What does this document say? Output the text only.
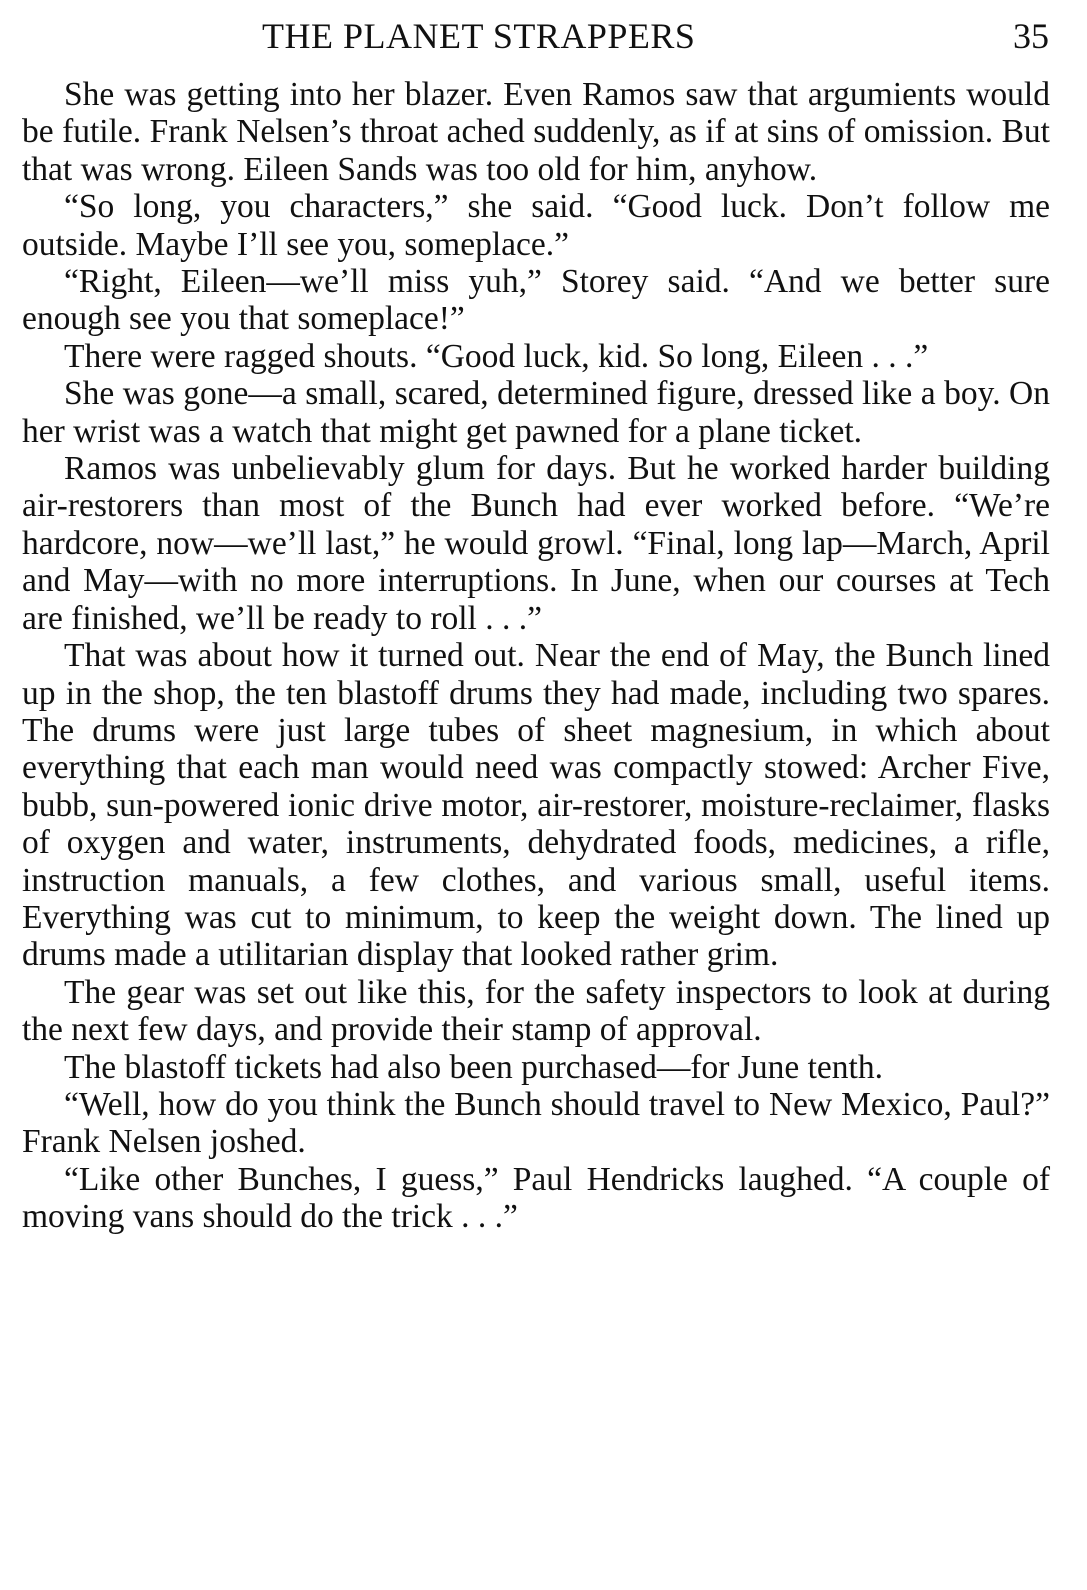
THE PLANET STRAPPERS	35

She was getting into her blazer. Even Ramos saw that argumients would be futile. Frank Nelsen’s throat ached suddenly, as if at sins of omission. But that was wrong. Eileen Sands was too old for him, anyhow.

“So long, you characters,” she said. “Good luck. Don’t follow me outside. Maybe I’ll see you, someplace.”

“Right, Eileen—we’ll miss yuh,” Storey said. “And we better sure enough see you that someplace!”

There were ragged shouts. “Good luck, kid. So long, Eileen . . .”

She was gone—a small, scared, determined figure, dressed like a boy. On her wrist was a watch that might get pawned for a plane ticket.

Ramos was unbelievably glum for days. But he worked harder building air-restorers than most of the Bunch had ever worked before. “We’re hardcore, now—we’ll last,” he would growl. “Final, long lap—March, April and May—with no more interruptions. In June, when our courses at Tech are finished, we’ll be ready to roll . . .”

That was about how it turned out. Near the end of May, the Bunch lined up in the shop, the ten blastoff drums they had made, including two spares. The drums were just large tubes of sheet magnesium, in which about everything that each man would need was compactly stowed: Archer Five, bubb, sun-powered ionic drive motor, air-restorer, moisture-reclaimer, flasks of oxygen and water, instruments, dehydrated foods, medicines, a rifle, instruction manuals, a few clothes, and various small, useful items. Everything was cut to minimum, to keep the weight down. The lined up drums made a utilitarian display that looked rather grim.

The gear was set out like this, for the safety inspectors to look at during the next few days, and provide their stamp of approval.

The blastoff tickets had also been purchased—for June tenth.

“Well, how do you think the Bunch should travel to New Mexico, Paul?” Frank Nelsen joshed.

“Like other Bunches, I guess,” Paul Hendricks laughed. “A couple of moving vans should do the trick . . .”
